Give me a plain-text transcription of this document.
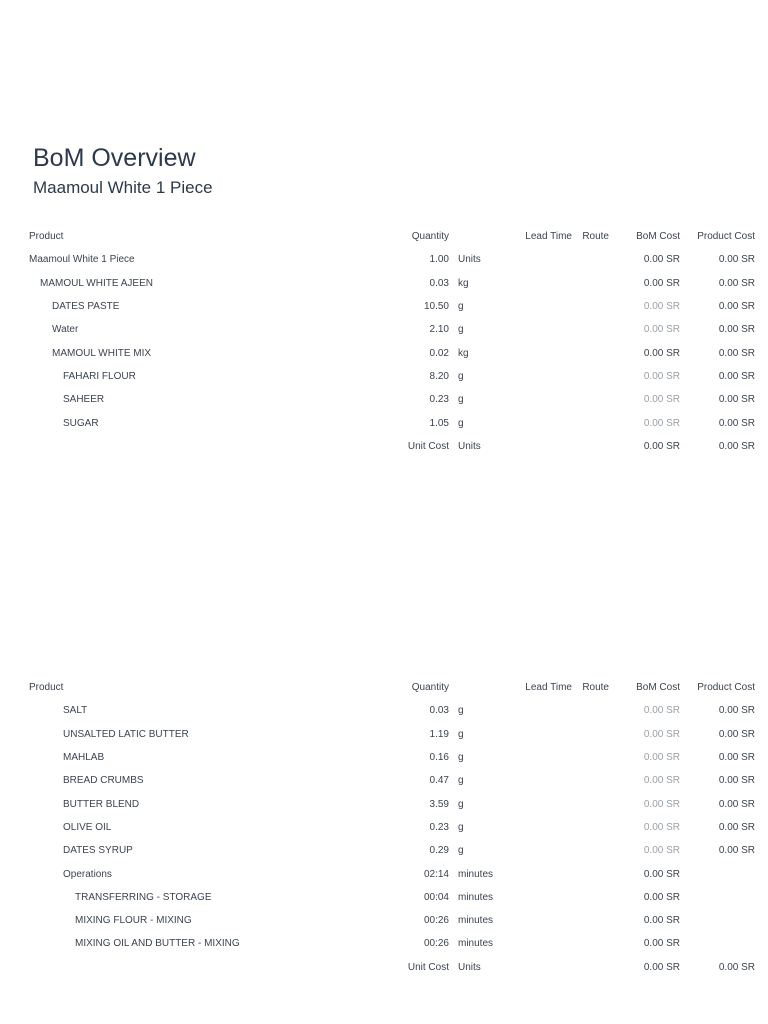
BoM Overview
Maamoul White 1 Piece
Product	Quantity		Lead Time	Route	BoM Cost	Product Cost
Maamoul White 1 Piece	1.00	Units			0.00 SR	0.00 SR
MAMOUL WHITE AJEEN	0.03	kg			0.00 SR	0.00 SR
DATES PASTE	10.50	g			0.00 SR	0.00 SR
Water	2.10	g			0.00 SR	0.00 SR
MAMOUL WHITE MIX	0.02	kg			0.00 SR	0.00 SR
FAHARI FLOUR	8.20	g			0.00 SR	0.00 SR
SAHEER	0.23	g			0.00 SR	0.00 SR
SUGAR	1.05	g			0.00 SR	0.00 SR
	Unit Cost	Units			0.00 SR	0.00 SR
Product	Quantity		Lead Time	Route	BoM Cost	Product Cost
SALT	0.03	g			0.00 SR	0.00 SR
UNSALTED LATIC BUTTER	1.19	g			0.00 SR	0.00 SR
MAHLAB	0.16	g			0.00 SR	0.00 SR
BREAD CRUMBS	0.47	g			0.00 SR	0.00 SR
BUTTER BLEND	3.59	g			0.00 SR	0.00 SR
OLIVE OIL	0.23	g			0.00 SR	0.00 SR
DATES SYRUP	0.29	g			0.00 SR	0.00 SR
Operations	02:14	minutes			0.00 SR	
TRANSFERRING - STORAGE	00:04	minutes			0.00 SR	
MIXING FLOUR - MIXING	00:26	minutes			0.00 SR	
MIXING OIL AND BUTTER - MIXING	00:26	minutes			0.00 SR	
	Unit Cost	Units			0.00 SR	0.00 SR
